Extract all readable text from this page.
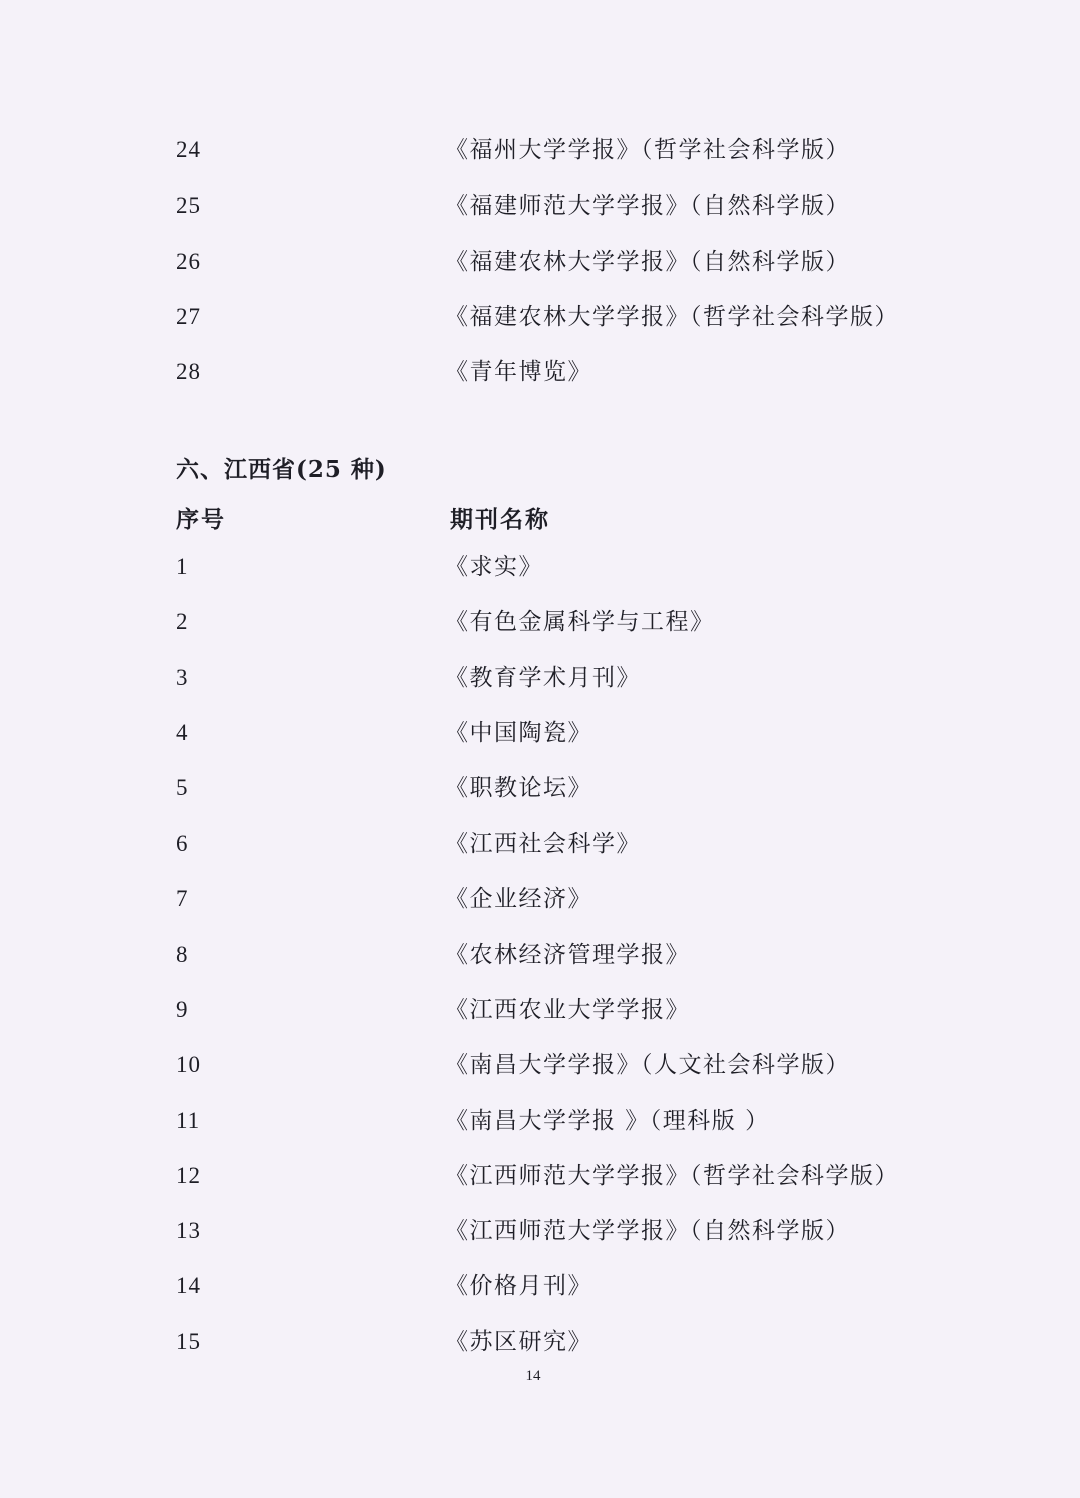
24	《福州大学学报》（哲学社会科学版）
25	《福建师范大学学报》（自然科学版）
26	《福建农林大学学报》（自然科学版）
27	《福建农林大学学报》（哲学社会科学版）
28	《青年博览》
六、江西省(25 种)
序号	期刊名称
1	《求实》
2	《有色金属科学与工程》
3	《教育学术月刊》
4	《中国陶瓷》
5	《职教论坛》
6	《江西社会科学》
7	《企业经济》
8	《农林经济管理学报》
9	《江西农业大学学报》
10	《南昌大学学报》（人文社会科学版）
11	《南昌大学学报 》（理科版 ）
12	《江西师范大学学报》（哲学社会科学版）
13	《江西师范大学学报》（自然科学版）
14	《价格月刊》
15	《苏区研究》
14
